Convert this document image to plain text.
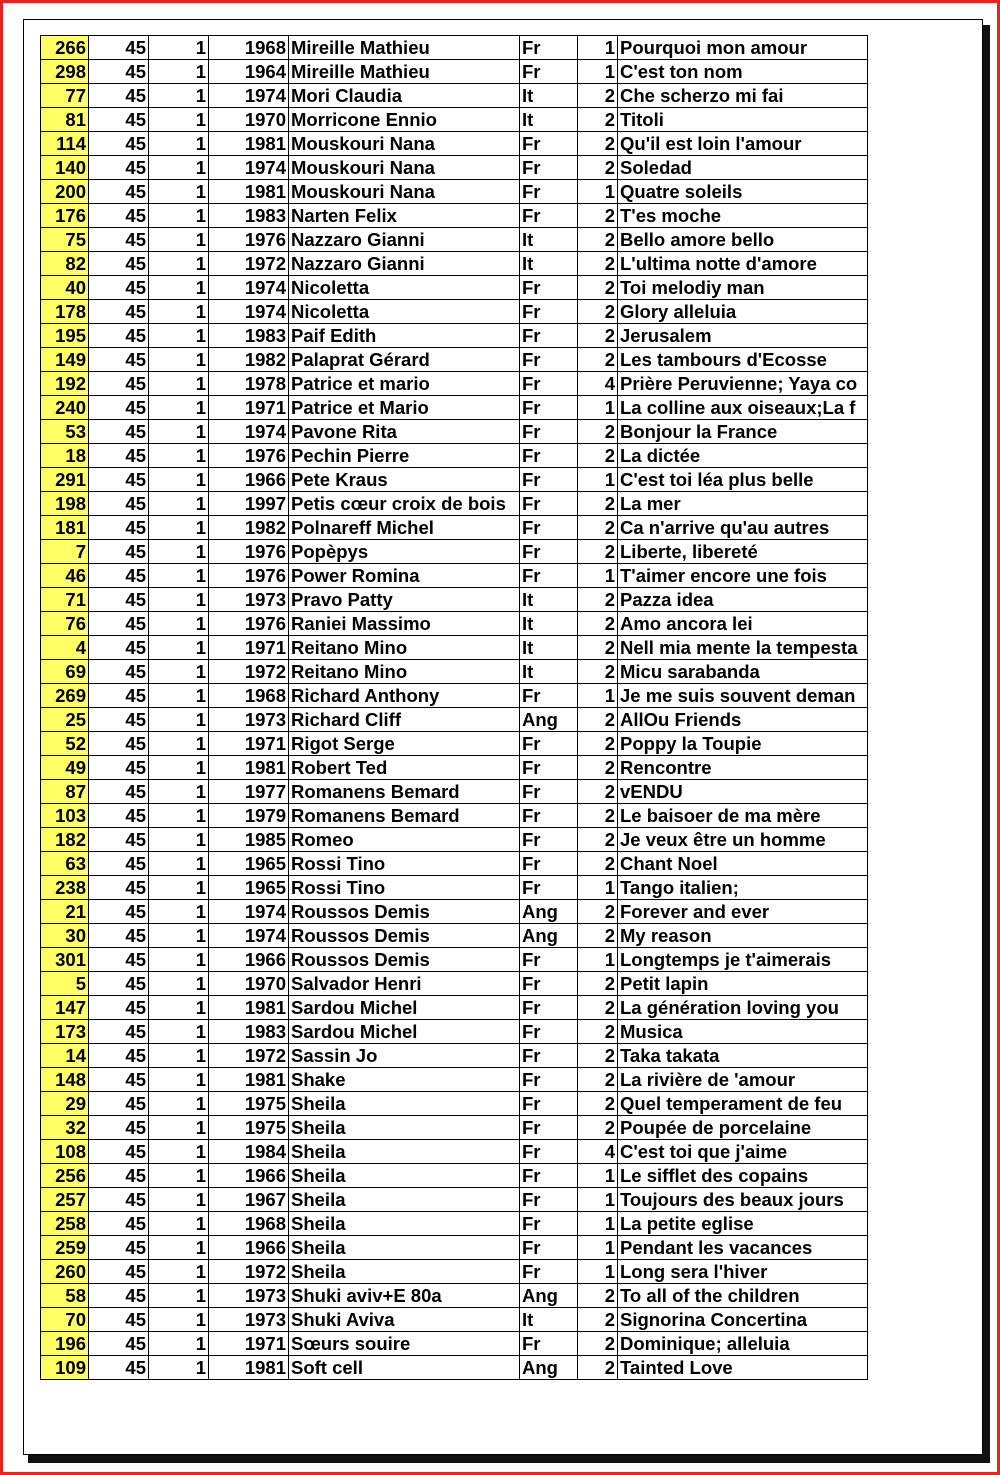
266	45	1	1968	Mireille Mathieu	Fr	1	Pourquoi mon amour
298	45	1	1964	Mireille Mathieu	Fr	1	C'est ton nom
77	45	1	1974	Mori Claudia	It	2	Che scherzo mi fai
81	45	1	1970	Morricone Ennio	It	2	Titoli
114	45	1	1981	Mouskouri Nana	Fr	2	Qu'il est loin l'amour
140	45	1	1974	Mouskouri Nana	Fr	2	Soledad
200	45	1	1981	Mouskouri Nana	Fr	1	Quatre soleils
176	45	1	1983	Narten Felix	Fr	2	T'es moche
75	45	1	1976	Nazzaro Gianni	It	2	Bello amore bello
82	45	1	1972	Nazzaro Gianni	It	2	L'ultima notte d'amore
40	45	1	1974	Nicoletta	Fr	2	Toi melodiy man
178	45	1	1974	Nicoletta	Fr	2	Glory alleluia
195	45	1	1983	Paif Edith	Fr	2	Jerusalem
149	45	1	1982	Palaprat Gérard	Fr	2	Les tambours d'Ecosse
192	45	1	1978	Patrice et mario	Fr	4	Prière Peruvienne; Yaya co
240	45	1	1971	Patrice et Mario	Fr	1	La colline aux oiseaux;La f
53	45	1	1974	Pavone Rita	Fr	2	Bonjour la France
18	45	1	1976	Pechin Pierre	Fr	2	La dictée
291	45	1	1966	Pete Kraus	Fr	1	C'est toi léa plus belle
198	45	1	1997	Petis cœur croix de bois	Fr	2	La mer
181	45	1	1982	Polnareff Michel	Fr	2	Ca n'arrive qu'au autres
7	45	1	1976	Popèpys	Fr	2	Liberte, libereté
46	45	1	1976	Power Romina	Fr	1	T'aimer encore une fois
71	45	1	1973	Pravo Patty	It	2	Pazza idea
76	45	1	1976	Raniei Massimo	It	2	Amo ancora lei
4	45	1	1971	Reitano Mino	It	2	Nell mia mente la tempesta
69	45	1	1972	Reitano Mino	It	2	Micu sarabanda
269	45	1	1968	Richard Anthony	Fr	1	Je me suis souvent deman
25	45	1	1973	Richard Cliff	Ang	2	AllOu Friends
52	45	1	1971	Rigot Serge	Fr	2	Poppy la Toupie
49	45	1	1981	Robert Ted	Fr	2	Rencontre
87	45	1	1977	Romanens Bemard	Fr	2	vENDU
103	45	1	1979	Romanens Bemard	Fr	2	Le baisoer de ma mère
182	45	1	1985	Romeo	Fr	2	Je veux être un homme
63	45	1	1965	Rossi Tino	Fr	2	Chant Noel
238	45	1	1965	Rossi Tino	Fr	1	Tango italien;
21	45	1	1974	Roussos Demis	Ang	2	Forever and ever
30	45	1	1974	Roussos Demis	Ang	2	My reason
301	45	1	1966	Roussos Demis	Fr	1	Longtemps je t'aimerais
5	45	1	1970	Salvador Henri	Fr	2	Petit lapin
147	45	1	1981	Sardou Michel	Fr	2	La génération loving you
173	45	1	1983	Sardou Michel	Fr	2	Musica
14	45	1	1972	Sassin Jo	Fr	2	Taka takata
148	45	1	1981	Shake	Fr	2	La rivière de 'amour
29	45	1	1975	Sheila	Fr	2	Quel temperament de feu
32	45	1	1975	Sheila	Fr	2	Poupée de porcelaine
108	45	1	1984	Sheila	Fr	4	C'est toi que j'aime
256	45	1	1966	Sheila	Fr	1	Le sifflet des copains
257	45	1	1967	Sheila	Fr	1	Toujours des beaux jours
258	45	1	1968	Sheila	Fr	1	La petite eglise
259	45	1	1966	Sheila	Fr	1	Pendant les vacances
260	45	1	1972	Sheila	Fr	1	Long sera l'hiver
58	45	1	1973	Shuki aviv+E 80a	Ang	2	To all of the children
70	45	1	1973	Shuki Aviva	It	2	Signorina Concertina
196	45	1	1971	Sœurs souire	Fr	2	Dominique; alleluia
109	45	1	1981	Soft cell	Ang	2	Tainted Love
